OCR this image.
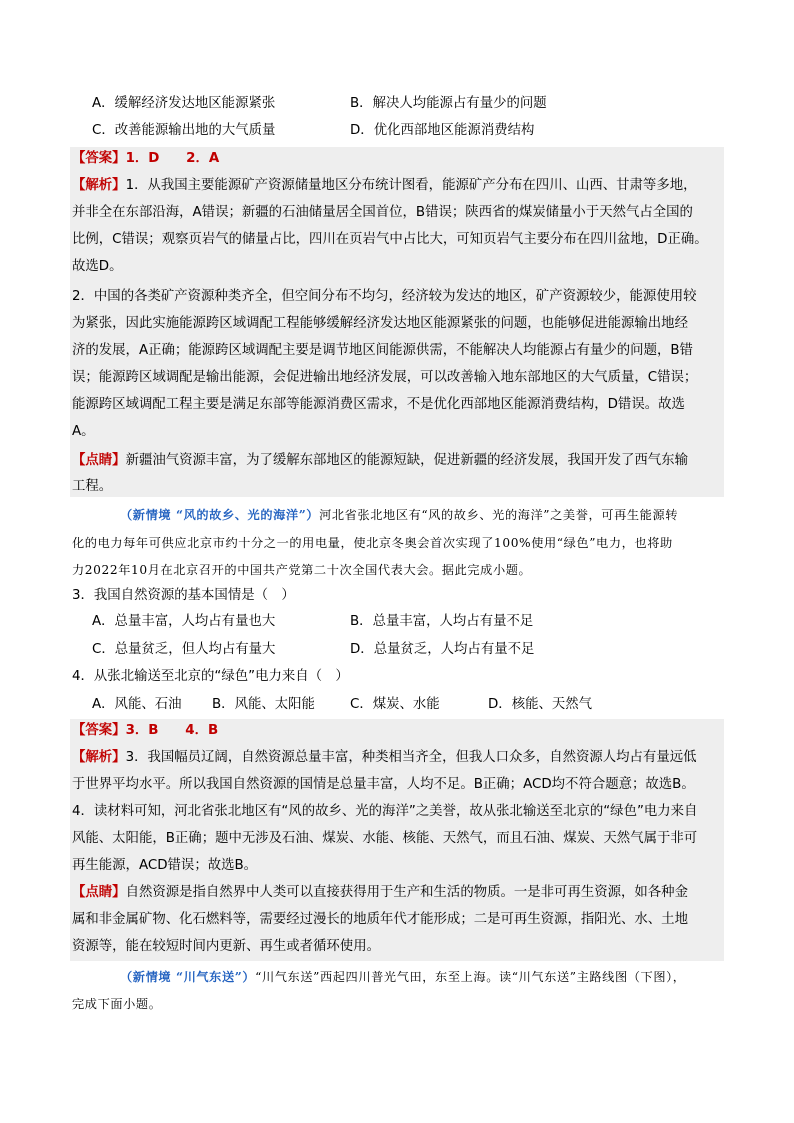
A．缓解经济发达地区能源紧张	B．解决人均能源占有量少的问题
C．改善能源输出地的大气质量	D．优化西部地区能源消费结构
【答案】1．D　　2．A
【解析】1．从我国主要能源矿产资源储量地区分布统计图看，能源矿产分布在四川、山西、甘肃等多地，
并非全在东部沿海，A错误；新疆的石油储量居全国首位，B错误；陕西省的煤炭储量小于天然气占全国的
比例，C错误；观察页岩气的储量占比，四川在页岩气中占比大，可知页岩气主要分布在四川盆地，D正确。
故选D。
2．中国的各类矿产资源种类齐全，但空间分布不均匀，经济较为发达的地区，矿产资源较少，能源使用较
为紧张，因此实施能源跨区域调配工程能够缓解经济发达地区能源紧张的问题，也能够促进能源输出地经
济的发展，A正确；能源跨区域调配主要是调节地区间能源供需，不能解决人均能源占有量少的问题，B错
误；能源跨区域调配是输出能源，会促进输出地经济发展，可以改善输入地东部地区的大气质量，C错误；
能源跨区域调配工程主要是满足东部等能源消费区需求，不是优化西部地区能源消费结构，D错误。故选
A。
【点睛】新疆油气资源丰富，为了缓解东部地区的能源短缺，促进新疆的经济发展，我国开发了西气东输
工程。
（新情境 “风的故乡、光的海洋”）河北省张北地区有“风的故乡、光的海洋”之美誉，可再生能源转
化的电力每年可供应北京市约十分之一的用电量，使北京冬奥会首次实现了100%使用“绿色”电力，也将助
力2022年10月在北京召开的中国共产党第二十次全国代表大会。据此完成小题。
3．我国自然资源的基本国情是（　）
A．总量丰富，人均占有量也大	B．总量丰富，人均占有量不足
C．总量贫乏，但人均占有量大	D．总量贫乏，人均占有量不足
4．从张北输送至北京的“绿色”电力来自（　）
A．风能、石油 B．风能、太阳能	C．煤炭、水能	D．核能、天然气
【答案】3．B　　4．B
【解析】3．我国幅员辽阔，自然资源总量丰富，种类相当齐全，但我人口众多，自然资源人均占有量远低
于世界平均水平。所以我国自然资源的国情是总量丰富，人均不足。B正确；ACD均不符合题意；故选B。
4．读材料可知，河北省张北地区有“风的故乡、光的海洋”之美誉，故从张北输送至北京的“绿色”电力来自
风能、太阳能，B正确；题中无涉及石油、煤炭、水能、核能、天然气，而且石油、煤炭、天然气属于非可
再生能源，ACD错误；故选B。
【点睛】自然资源是指自然界中人类可以直接获得用于生产和生活的物质。一是非可再生资源，如各种金
属和非金属矿物、化石燃料等，需要经过漫长的地质年代才能形成；二是可再生资源，指阳光、水、土地
资源等，能在较短时间内更新、再生或者循环使用。
（新情境 “川气东送”）“川气东送”西起四川普光气田，东至上海。读“川气东送”主路线图（下图），
完成下面小题。
